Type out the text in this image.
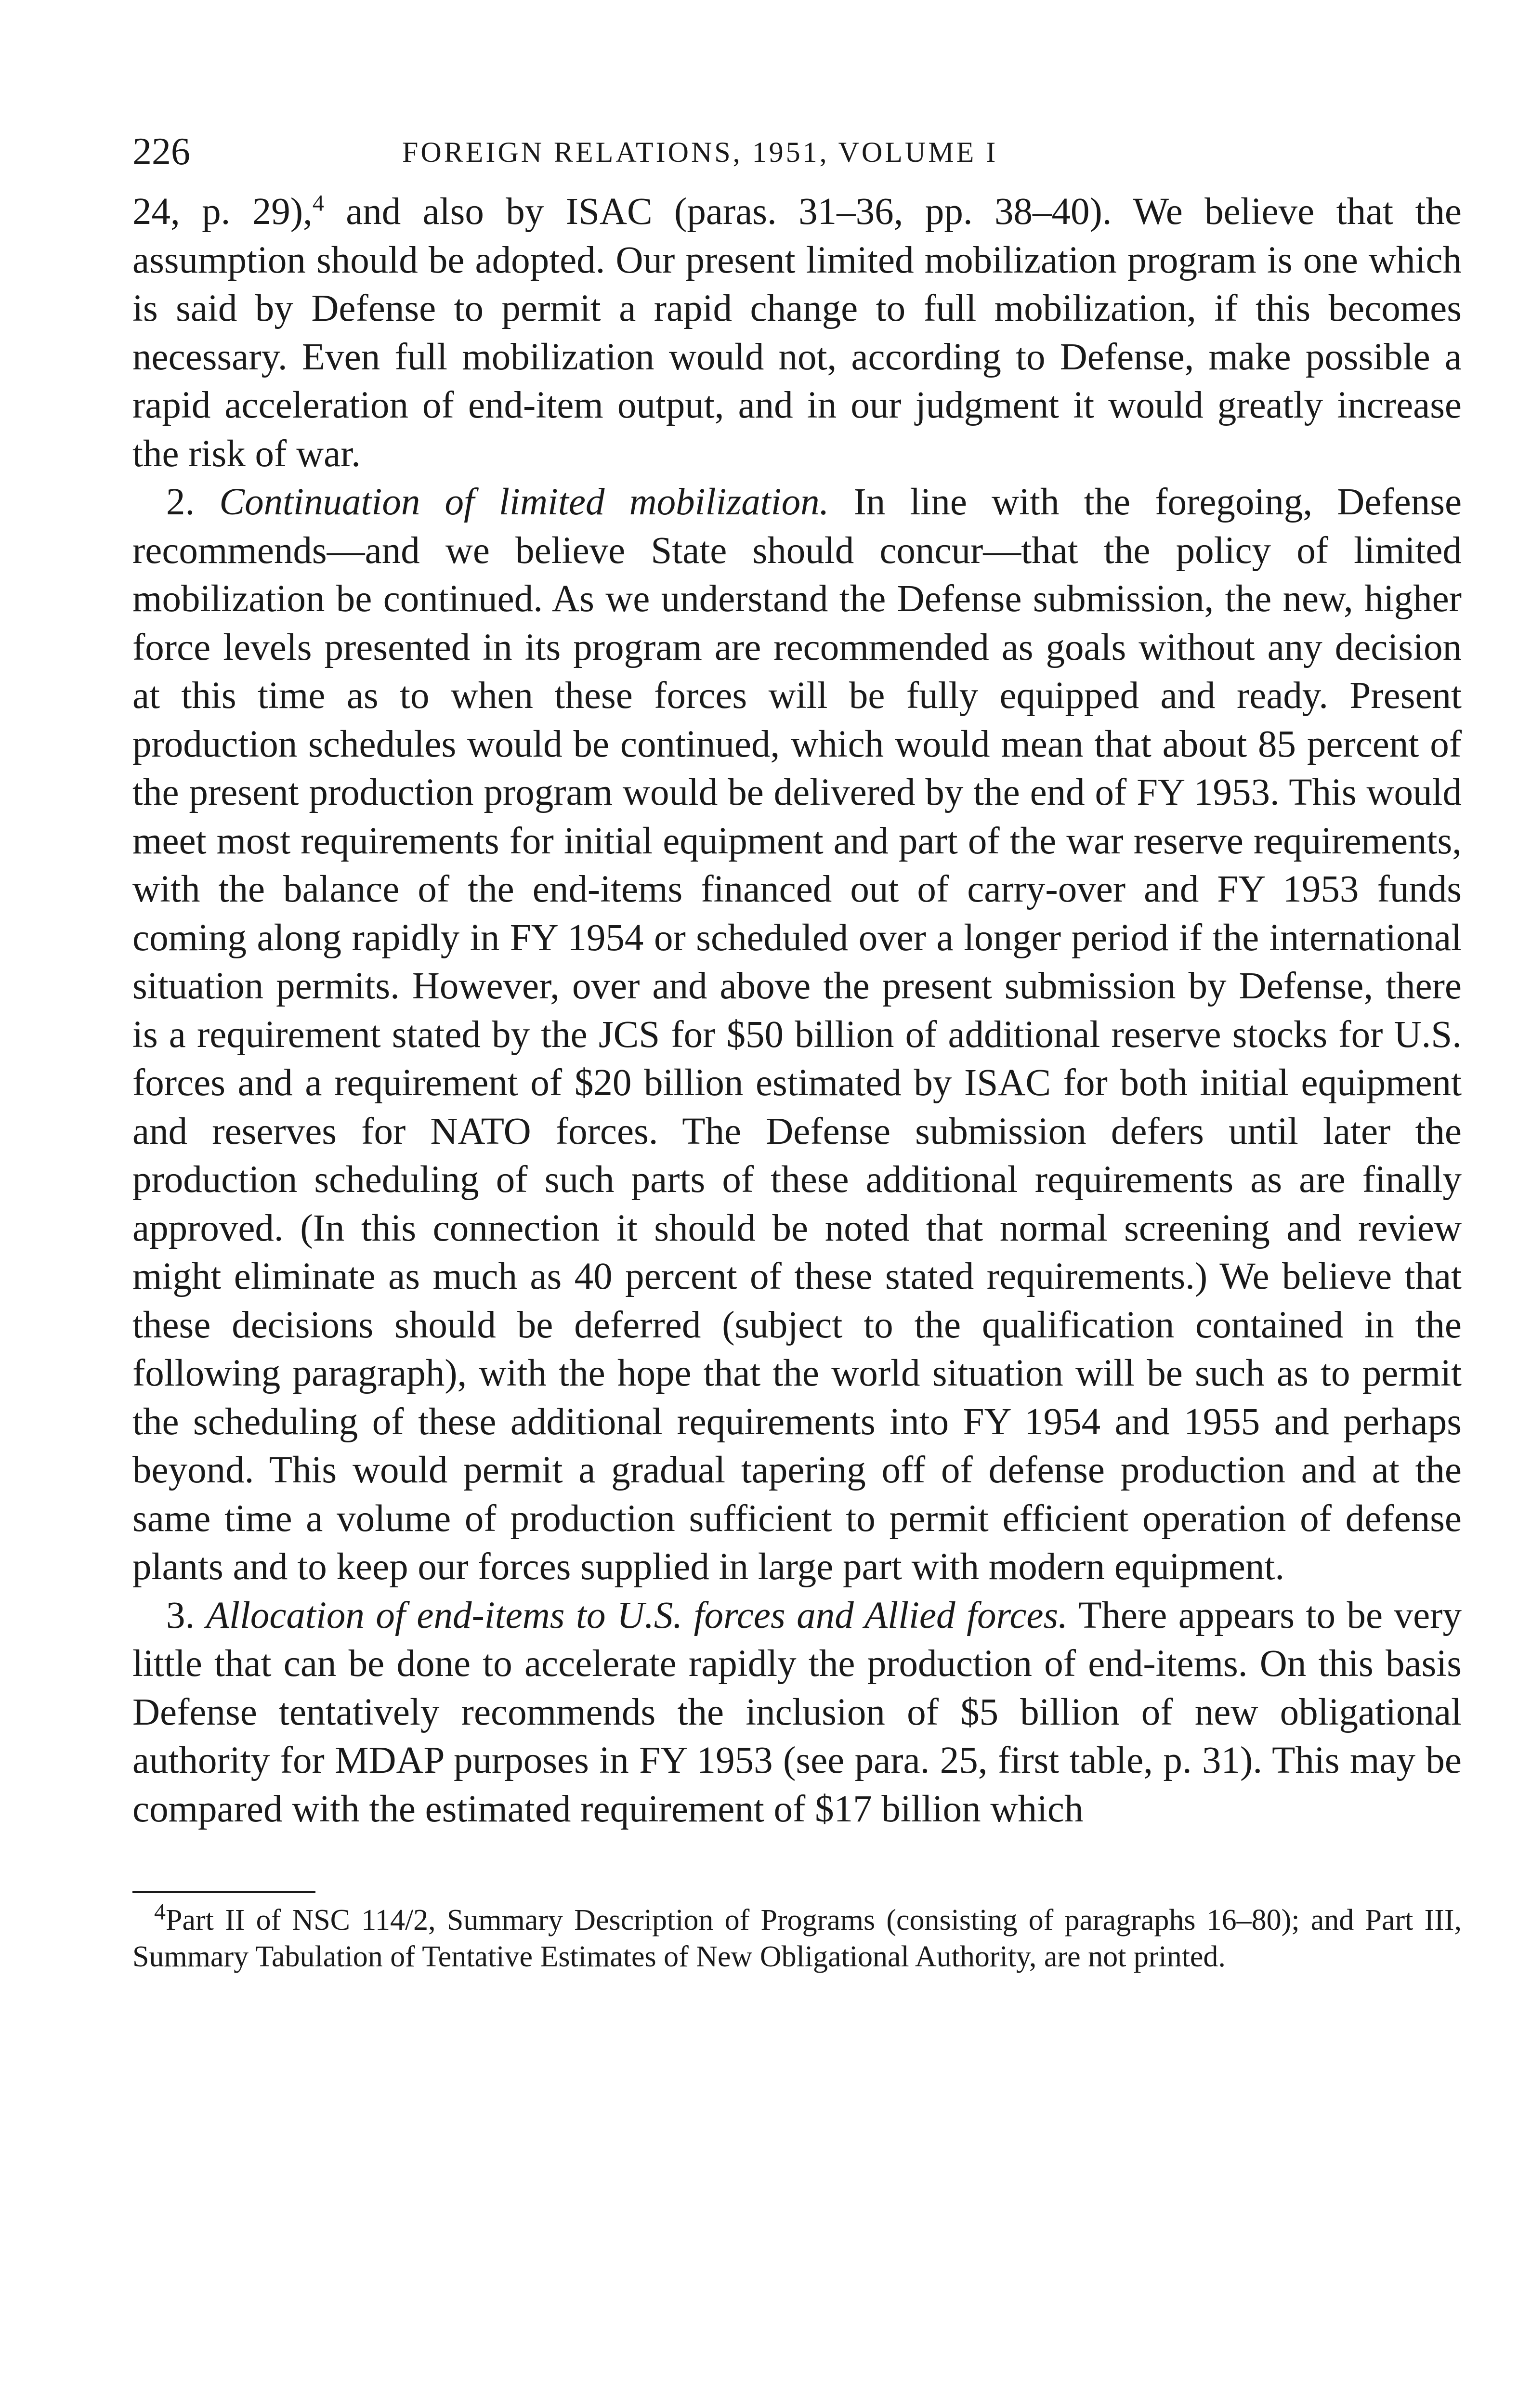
226	FOREIGN RELATIONS, 1951, VOLUME I

24, p. 29),$^4$ and also by ISAC (paras. 31–36, pp. 38–40). We believe that the assumption should be adopted. Our present limited mobilization program is one which is said by Defense to permit a rapid change to full mobilization, if this becomes necessary. Even full mobilization would not, according to Defense, make possible a rapid acceleration of end-item output, and in our judgment it would greatly increase the risk of war.

2. Continuation of limited mobilization. In line with the foregoing, Defense recommends—and we believe State should concur—that the policy of limited mobilization be continued. As we understand the Defense submission, the new, higher force levels presented in its program are recommended as goals without any decision at this time as to when these forces will be fully equipped and ready. Present production schedules would be continued, which would mean that about 85 percent of the present production program would be delivered by the end of FY 1953. This would meet most requirements for initial equipment and part of the war reserve requirements, with the balance of the end-items financed out of carry-over and FY 1953 funds coming along rapidly in FY 1954 or scheduled over a longer period if the international situation permits. However, over and above the present submission by Defense, there is a requirement stated by the JCS for $50 billion of additional reserve stocks for U.S. forces and a requirement of $20 billion estimated by ISAC for both initial equipment and reserves for NATO forces. The Defense submission defers until later the production scheduling of such parts of these additional requirements as are finally approved. (In this connection it should be noted that normal screening and review might eliminate as much as 40 percent of these stated requirements.) We believe that these decisions should be deferred (subject to the qualification contained in the following paragraph), with the hope that the world situation will be such as to permit the scheduling of these additional requirements into FY 1954 and 1955 and perhaps beyond. This would permit a gradual tapering off of defense production and at the same time a volume of production sufficient to permit efficient operation of defense plants and to keep our forces supplied in large part with modern equipment.

3. Allocation of end-items to U.S. forces and Allied forces. There appears to be very little that can be done to accelerate rapidly the production of end-items. On this basis Defense tentatively recommends the inclusion of $5 billion of new obligational authority for MDAP purposes in FY 1953 (see para. 25, first table, p. 31). This may be compared with the estimated requirement of $17 billion which

$^4$Part II of NSC 114/2, Summary Description of Programs (consisting of paragraphs 16–80); and Part III, Summary Tabulation of Tentative Estimates of New Obligational Authority, are not printed.
